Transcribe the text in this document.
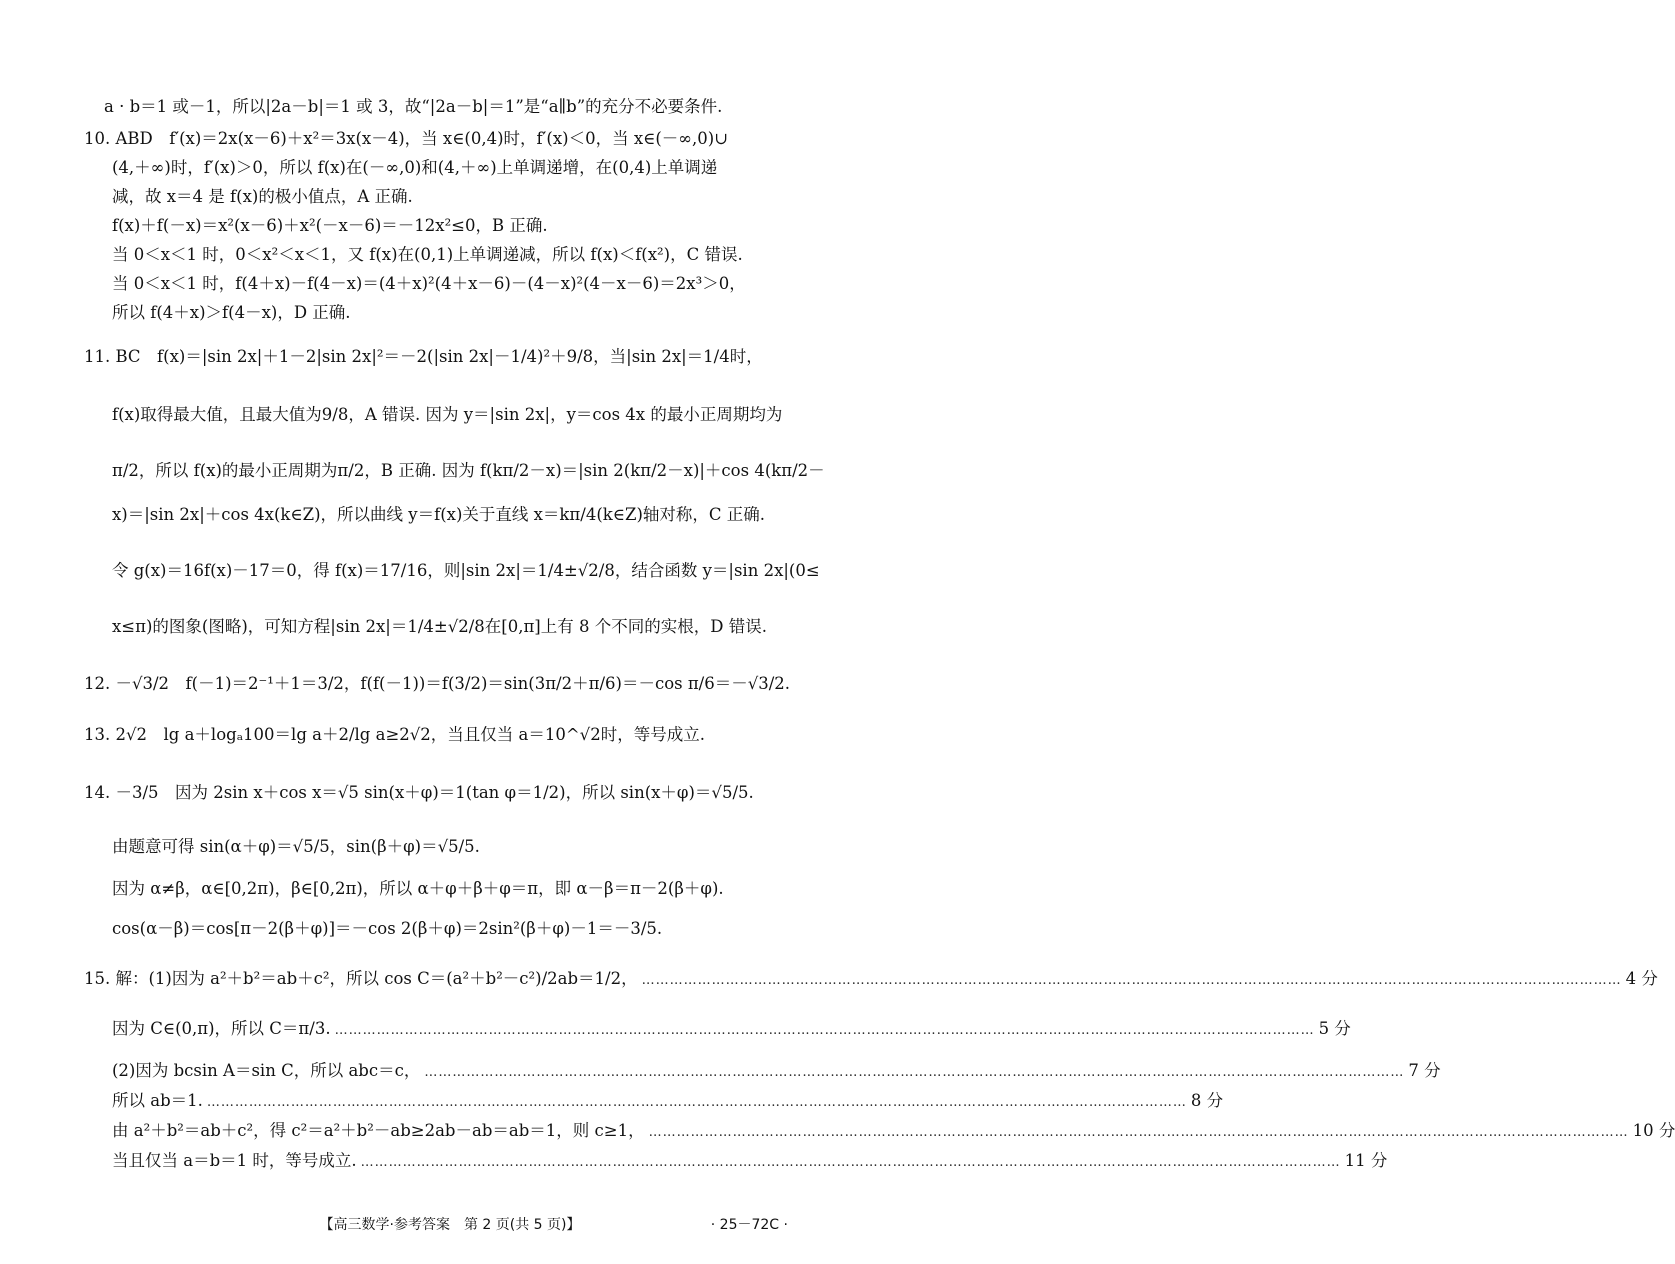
a · b＝1 或－1，所以|2a－b|＝1 或 3，故“|2a－b|＝1”是“a∥b”的充分不必要条件.
10. ABD　f′(x)＝2x(x－6)＋x²＝3x(x－4)，当 x∈(0,4)时，f′(x)＜0，当 x∈(－∞,0)∪
(4,＋∞)时，f′(x)＞0，所以 f(x)在(－∞,0)和(4,＋∞)上单调递增，在(0,4)上单调递
减，故 x＝4 是 f(x)的极小值点，A 正确.
f(x)＋f(－x)＝x²(x－6)＋x²(－x－6)＝－12x²≤0，B 正确.
当 0＜x＜1 时，0＜x²＜x＜1，又 f(x)在(0,1)上单调递减，所以 f(x)＜f(x²)，C 错误.
当 0＜x＜1 时，f(4＋x)－f(4－x)＝(4＋x)²(4＋x－6)－(4－x)²(4－x－6)＝2x³＞0，
所以 f(4＋x)＞f(4－x)，D 正确.
11. BC　f(x)＝|sin 2x|＋1－2|sin 2x|²＝－2(|sin 2x|－1/4)²＋9/8，当|sin 2x|＝1/4时，
f(x)取得最大值，且最大值为9/8，A 错误. 因为 y＝|sin 2x|，y＝cos 4x 的最小正周期均为
π/2，所以 f(x)的最小正周期为π/2，B 正确. 因为 f(kπ/2－x)＝|sin 2(kπ/2－x)|＋cos 4(kπ/2－
x)＝|sin 2x|＋cos 4x(k∈Z)，所以曲线 y＝f(x)关于直线 x＝kπ/4(k∈Z)轴对称，C 正确.
令 g(x)＝16f(x)－17＝0，得 f(x)＝17/16，则|sin 2x|＝1/4±√2/8，结合函数 y＝|sin 2x|(0≤
x≤π)的图象(图略)，可知方程|sin 2x|＝1/4±√2/8在[0,π]上有 8 个不同的实根，D 错误.
12. －√3/2　f(－1)＝2⁻¹＋1＝3/2，f(f(－1))＝f(3/2)＝sin(3π/2＋π/6)＝－cos π/6＝－√3/2.
13. 2√2　lg a＋logₐ100＝lg a＋2/lg a≥2√2，当且仅当 a＝10^√2时，等号成立.
14. －3/5　因为 2sin x＋cos x＝√5 sin(x＋φ)＝1(tan φ＝1/2)，所以 sin(x＋φ)＝√5/5.
由题意可得 sin(α＋φ)＝√5/5，sin(β＋φ)＝√5/5.
因为 α≠β，α∈[0,2π)，β∈[0,2π)，所以 α＋φ＋β＋φ＝π，即 α－β＝π－2(β＋φ).
cos(α－β)＝cos[π－2(β＋φ)]＝－cos 2(β＋φ)＝2sin²(β＋φ)－1＝－3/5.
15. 解：(1)因为 a²＋b²＝ab＋c²，所以 cos C＝(a²＋b²－c²)/2ab＝1/2， ………………………………………………………………………………………………………………………………………………………………………………………… 4 分
因为 C∈(0,π)，所以 C＝π/3. ………………………………………………………………………………………………………………………………………………………………………………………… 5 分
(2)因为 bcsin A＝sin C，所以 abc＝c， ………………………………………………………………………………………………………………………………………………………………………………………… 7 分
所以 ab＝1. ………………………………………………………………………………………………………………………………………………………………………………………… 8 分
由 a²＋b²＝ab＋c²，得 c²＝a²＋b²－ab≥2ab－ab＝ab＝1，则 c≥1， ………………………………………………………………………………………………………………………………………………………………………………………… 10 分
当且仅当 a＝b＝1 时，等号成立. ………………………………………………………………………………………………………………………………………………………………………………………… 11 分
【高三数学·参考答案　第 2 页(共 5 页)】	· 25－72C ·
